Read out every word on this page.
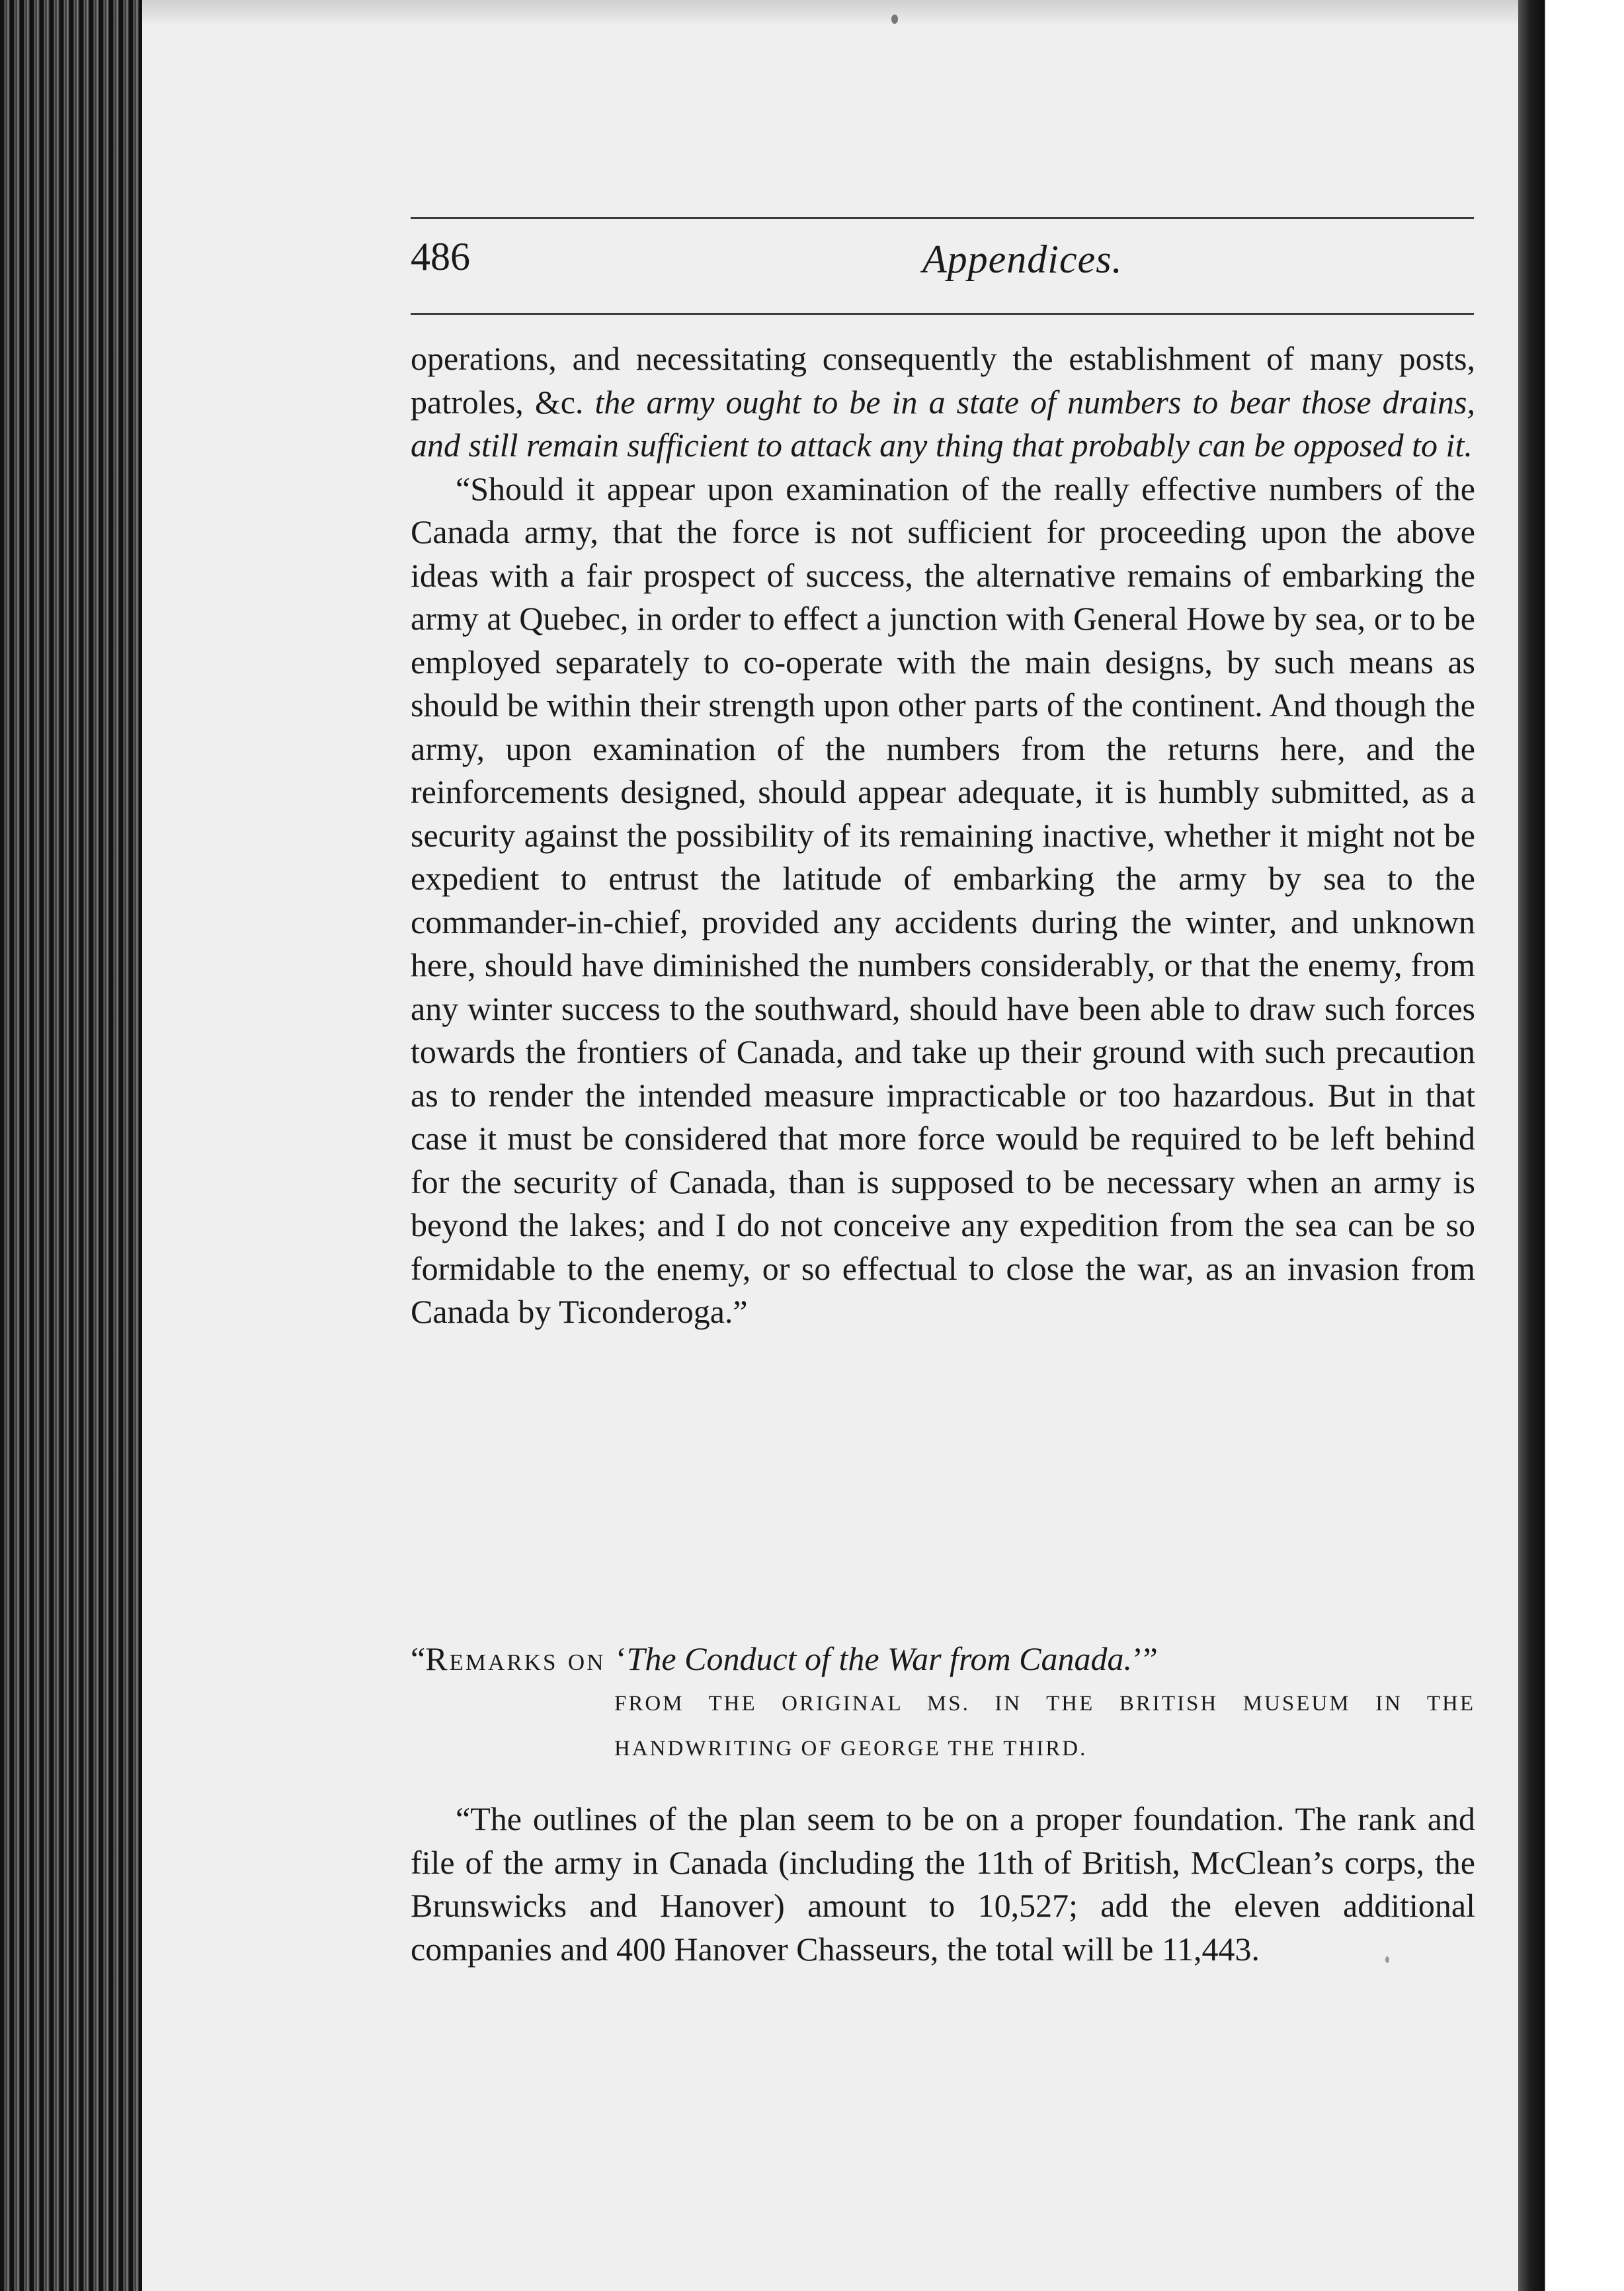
486	Appendices.

operations, and necessitating consequently the establishment of many posts, patroles, &c. the army ought to be in a state of numbers to bear those drains, and still remain sufficient to attack any thing that probably can be opposed to it.

“Should it appear upon examination of the really effective numbers of the Canada army, that the force is not sufficient for proceeding upon the above ideas with a fair prospect of success, the alternative remains of embarking the army at Quebec, in order to effect a junction with General Howe by sea, or to be employed separately to co-operate with the main designs, by such means as should be within their strength upon other parts of the continent. And though the army, upon examination of the numbers from the returns here, and the reinforcements designed, should appear adequate, it is humbly submitted, as a security against the possibility of its remaining inactive, whether it might not be expedient to entrust the latitude of embarking the army by sea to the commander-in-chief, provided any accidents during the winter, and unknown here, should have diminished the numbers considerably, or that the enemy, from any winter success to the southward, should have been able to draw such forces towards the frontiers of Canada, and take up their ground with such precaution as to render the intended measure impracticable or too hazardous. But in that case it must be considered that more force would be required to be left behind for the security of Canada, than is supposed to be necessary when an army is beyond the lakes; and I do not conceive any expedition from the sea can be so formidable to the enemy, or so effectual to close the war, as an invasion from Canada by Ticonderoga.”

“Remarks on ‘The Conduct of the War from Canada.’”
FROM THE ORIGINAL MS. IN THE BRITISH MUSEUM IN THE HANDWRITING OF GEORGE THE THIRD.

“The outlines of the plan seem to be on a proper foundation. The rank and file of the army in Canada (including the 11th of British, McClean’s corps, the Brunswicks and Hanover) amount to 10,527; add the eleven additional companies and 400 Hanover Chasseurs, the total will be 11,443.
